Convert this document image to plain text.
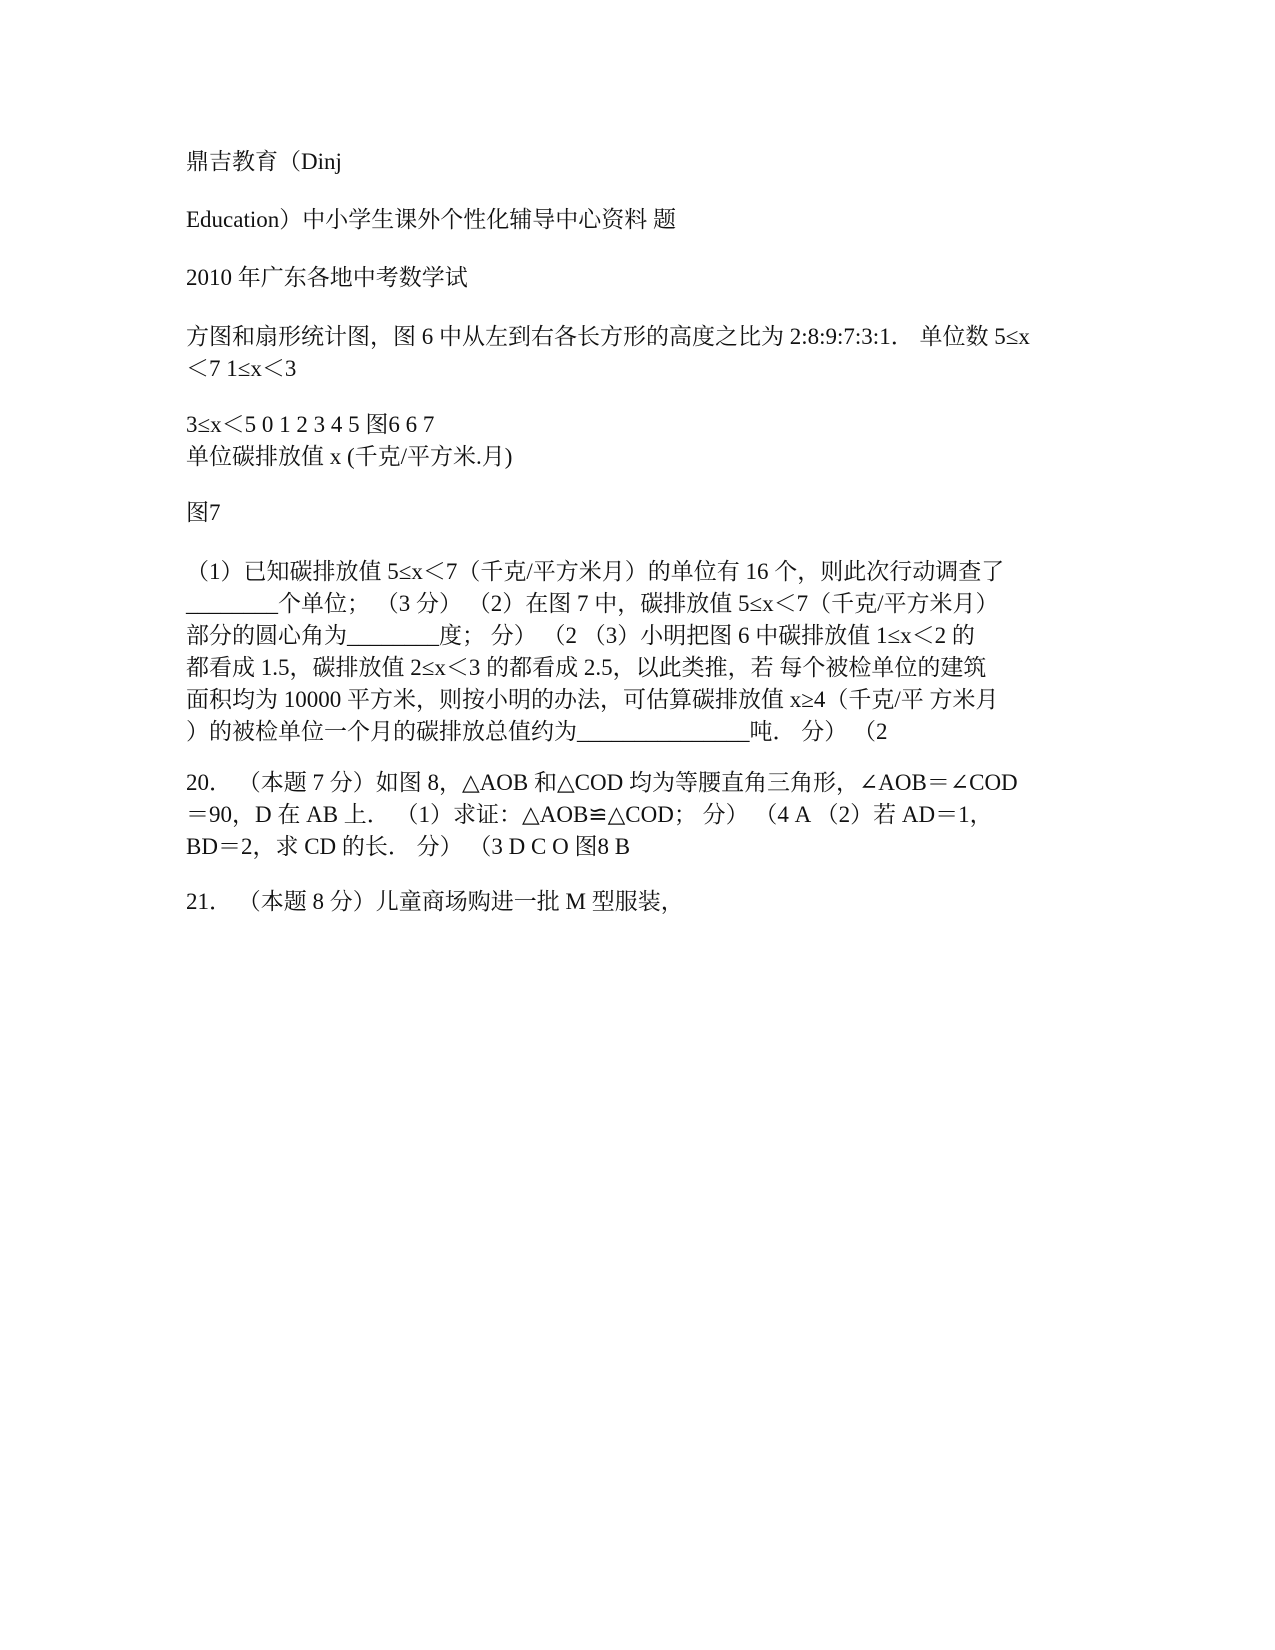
鼎吉教育（Dinj
Education）中小学生课外个性化辅导中心资料 题
2010 年广东各地中考数学试
方图和扇形统计图，图 6 中从左到右各长方形的高度之比为 2:8:9:7:3:1． 单位数 5≤x
＜7 1≤x＜3
3≤x＜5 0 1 2 3 4 5 图6 6 7
单位碳排放值 x (千克/平方米.月)
图7
（1）已知碳排放值 5≤x＜7（千克/平方米月）的单位有 16 个，则此次行动调查了
________个单位； （3 分） （2）在图 7 中，碳排放值 5≤x＜7（千克/平方米月）
部分的圆心角为________度； 分） （2 （3）小明把图 6 中碳排放值 1≤x＜2 的
都看成 1.5，碳排放值 2≤x＜3 的都看成 2.5，以此类推，若 每个被检单位的建筑
面积均为 10000 平方米，则按小明的办法，可估算碳排放值 x≥4（千克/平 方米月
）的被检单位一个月的碳排放总值约为_______________吨． 分） （2
20． （本题 7 分）如图 8，△AOB 和△COD 均为等腰直角三角形，∠AOB＝∠COD
＝90，D 在 AB 上． （1）求证：△AOB≌△COD； 分） （4 A （2）若 AD＝1，
BD＝2，求 CD 的长． 分） （3 D C O 图8 B
21． （本题 8 分）儿童商场购进一批 M 型服装，
